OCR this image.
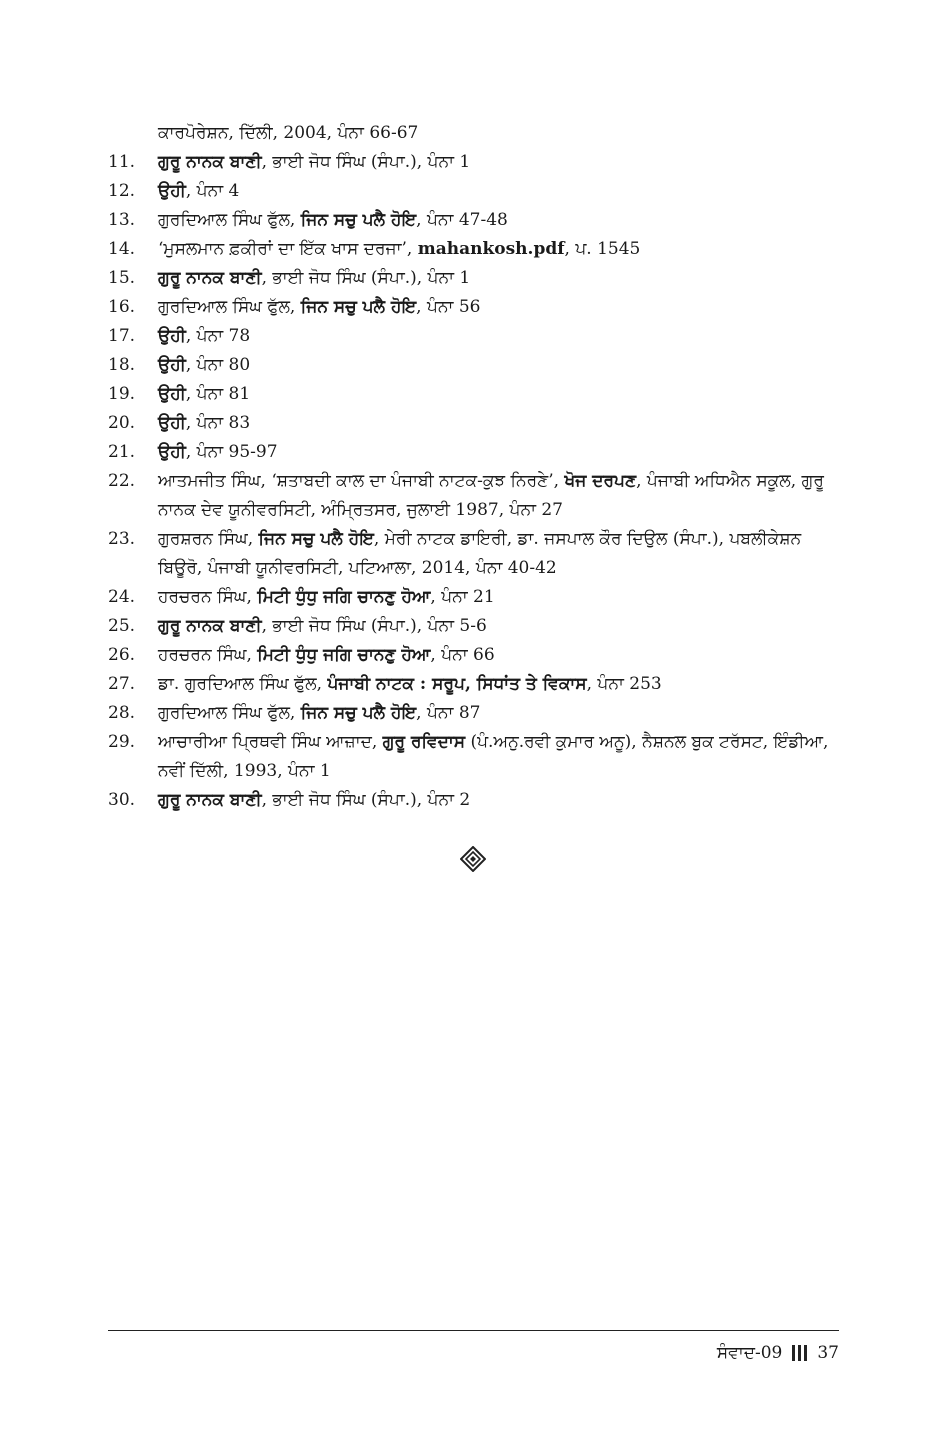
ਕਾਰਪੋਰੇਸ਼ਨ, ਦਿੱਲੀ, 2004, ਪੰਨਾ 66-67
11.	ਗੁਰੂ ਨਾਨਕ ਬਾਣੀ, ਭਾਈ ਜੋਧ ਸਿੰਘ (ਸੰਪਾ.), ਪੰਨਾ 1
12.	ਉਹੀ, ਪੰਨਾ 4
13.	ਗੁਰਦਿਆਲ ਸਿੰਘ ਫੁੱਲ, ਜਿਨ ਸਚੁ ਪਲੈ ਹੋਇ, ਪੰਨਾ 47-48
14.	‘ਮੁਸਲਮਾਨ ਫ਼ਕੀਰਾਂ ਦਾ ਇੱਕ ਖਾਸ ਦਰਜਾ’, mahankosh.pdf, ਪ. 1545
15.	ਗੁਰੂ ਨਾਨਕ ਬਾਣੀ, ਭਾਈ ਜੋਧ ਸਿੰਘ (ਸੰਪਾ.), ਪੰਨਾ 1
16.	ਗੁਰਦਿਆਲ ਸਿੰਘ ਫੁੱਲ, ਜਿਨ ਸਚੁ ਪਲੈ ਹੋਇ, ਪੰਨਾ 56
17.	ਉਹੀ, ਪੰਨਾ 78
18.	ਉਹੀ, ਪੰਨਾ 80
19.	ਉਹੀ, ਪੰਨਾ 81
20.	ਉਹੀ, ਪੰਨਾ 83
21.	ਉਹੀ, ਪੰਨਾ 95-97
22.	ਆਤਮਜੀਤ ਸਿੰਘ, ‘ਸ਼ਤਾਬਦੀ ਕਾਲ ਦਾ ਪੰਜਾਬੀ ਨਾਟਕ-ਕੁਝ ਨਿਰਣੇ’, ਖੋਜ ਦਰਪਣ, ਪੰਜਾਬੀ ਅਧਿਐਨ ਸਕੂਲ, ਗੁਰੂ ਨਾਨਕ ਦੇਵ ਯੂਨੀਵਰਸਿਟੀ, ਅੰਮ੍ਰਿਤਸਰ, ਜੁਲਾਈ 1987, ਪੰਨਾ 27
23.	ਗੁਰਸ਼ਰਨ ਸਿੰਘ, ਜਿਨ ਸਚੁ ਪਲੈ ਹੋਇ, ਮੇਰੀ ਨਾਟਕ ਡਾਇਰੀ, ਡਾ. ਜਸਪਾਲ ਕੌਰ ਦਿਉਲ (ਸੰਪਾ.), ਪਬਲੀਕੇਸ਼ਨ ਬਿਊਰੋ, ਪੰਜਾਬੀ ਯੂਨੀਵਰਸਿਟੀ, ਪਟਿਆਲਾ, 2014, ਪੰਨਾ 40-42
24.	ਹਰਚਰਨ ਸਿੰਘ, ਮਿਟੀ ਧੁੰਧੁ ਜਗਿ ਚਾਨਣੁ ਹੋਆ, ਪੰਨਾ 21
25.	ਗੁਰੂ ਨਾਨਕ ਬਾਣੀ, ਭਾਈ ਜੋਧ ਸਿੰਘ (ਸੰਪਾ.), ਪੰਨਾ 5-6
26.	ਹਰਚਰਨ ਸਿੰਘ, ਮਿਟੀ ਧੁੰਧੁ ਜਗਿ ਚਾਨਣੁ ਹੋਆ, ਪੰਨਾ 66
27.	ਡਾ. ਗੁਰਦਿਆਲ ਸਿੰਘ ਫੁੱਲ, ਪੰਜਾਬੀ ਨਾਟਕ : ਸਰੂਪ, ਸਿਧਾਂਤ ਤੇ ਵਿਕਾਸ, ਪੰਨਾ 253
28.	ਗੁਰਦਿਆਲ ਸਿੰਘ ਫੁੱਲ, ਜਿਨ ਸਚੁ ਪਲੈ ਹੋਇ, ਪੰਨਾ 87
29.	ਆਚਾਰੀਆ ਪ੍ਰਿਥਵੀ ਸਿੰਘ ਆਜ਼ਾਦ, ਗੁਰੂ ਰਵਿਦਾਸ (ਪੰ.ਅਨੁ.ਰਵੀ ਕੁਮਾਰ ਅਨੂ), ਨੈਸ਼ਨਲ ਬੁਕ ਟਰੱਸਟ, ਇੰਡੀਆ, ਨਵੀਂ ਦਿੱਲੀ, 1993, ਪੰਨਾ 1
30.	ਗੁਰੂ ਨਾਨਕ ਬਾਣੀ, ਭਾਈ ਜੋਧ ਸਿੰਘ (ਸੰਪਾ.), ਪੰਨਾ 2
ਸੰਵਾਦ-09 37
